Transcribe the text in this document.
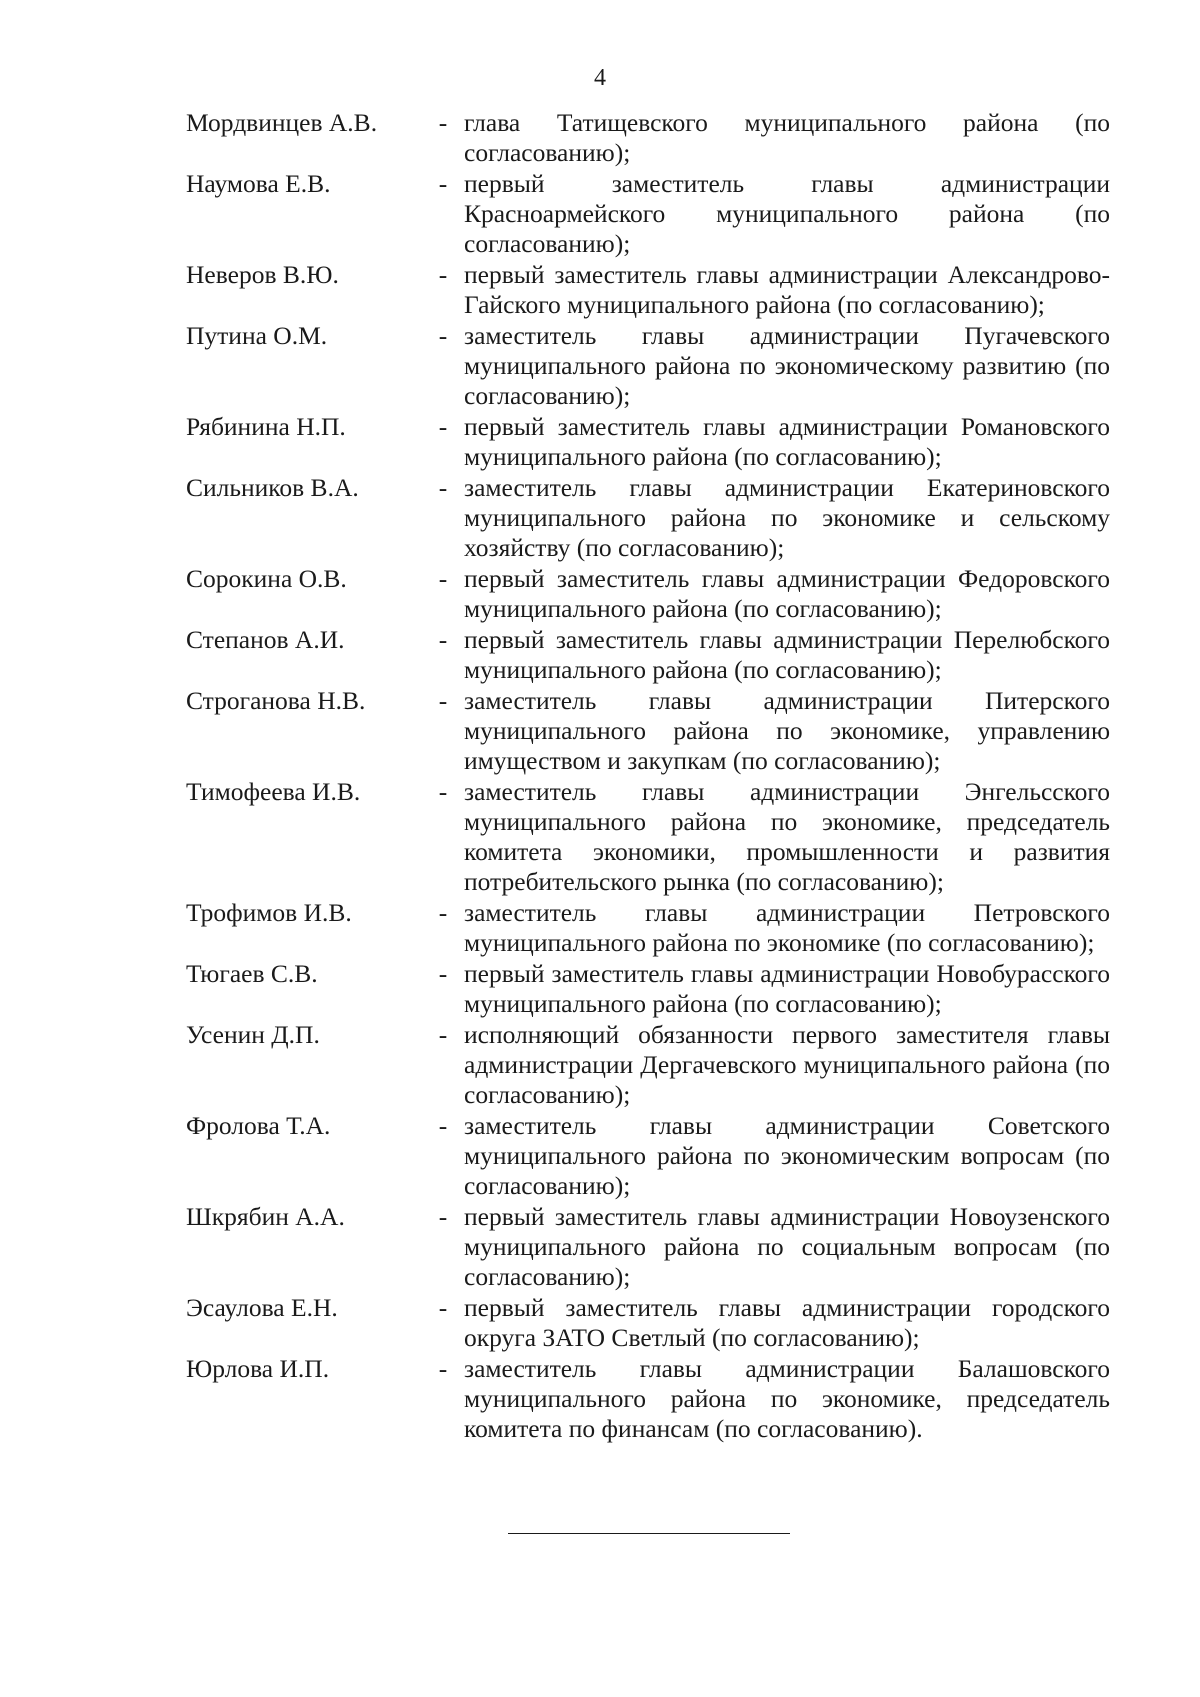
4
Мордвинцев А.В.	- глава Татищевского муниципального района (по согласованию);
Наумова Е.В.	- первый заместитель главы администрации Красноармейского муниципального района (по согласованию);
Неверов В.Ю.	- первый заместитель главы администрации Александрово-Гайского муниципального района (по согласованию);
Путина О.М.	- заместитель главы администрации Пугачевского муниципального района по экономическому развитию (по согласованию);
Рябинина Н.П.	- первый заместитель главы администрации Романовского муниципального района (по согласованию);
Сильников В.А.	- заместитель главы администрации Екатериновского муниципального района по экономике и сельскому хозяйству (по согласованию);
Сорокина О.В.	- первый заместитель главы администрации Федоровского муниципального района (по согласованию);
Степанов А.И.	- первый заместитель главы администрации Перелюбского муниципального района (по согласованию);
Строганова Н.В.	- заместитель главы администрации Питерского муниципального района по экономике, управлению имуществом и закупкам (по согласованию);
Тимофеева И.В.	- заместитель главы администрации Энгельсского муниципального района по экономике, председатель комитета экономики, промышленности и развития потребительского рынка (по согласованию);
Трофимов И.В.	- заместитель главы администрации Петровского муниципального района по экономике (по согласованию);
Тюгаев С.В.	- первый заместитель главы администрации Новобурасского муниципального района (по согласованию);
Усенин Д.П.	- исполняющий обязанности первого заместителя главы администрации Дергачевского муниципального района (по согласованию);
Фролова Т.А.	- заместитель главы администрации Советского муниципального района по экономическим вопросам (по согласованию);
Шкрябин А.А.	- первый заместитель главы администрации Новоузенского муниципального района по социальным вопросам (по согласованию);
Эсаулова Е.Н.	- первый заместитель главы администрации городского округа ЗАТО Светлый (по согласованию);
Юрлова И.П.	- заместитель главы администрации Балашовского муниципального района по экономике, председатель комитета по финансам (по согласованию).
